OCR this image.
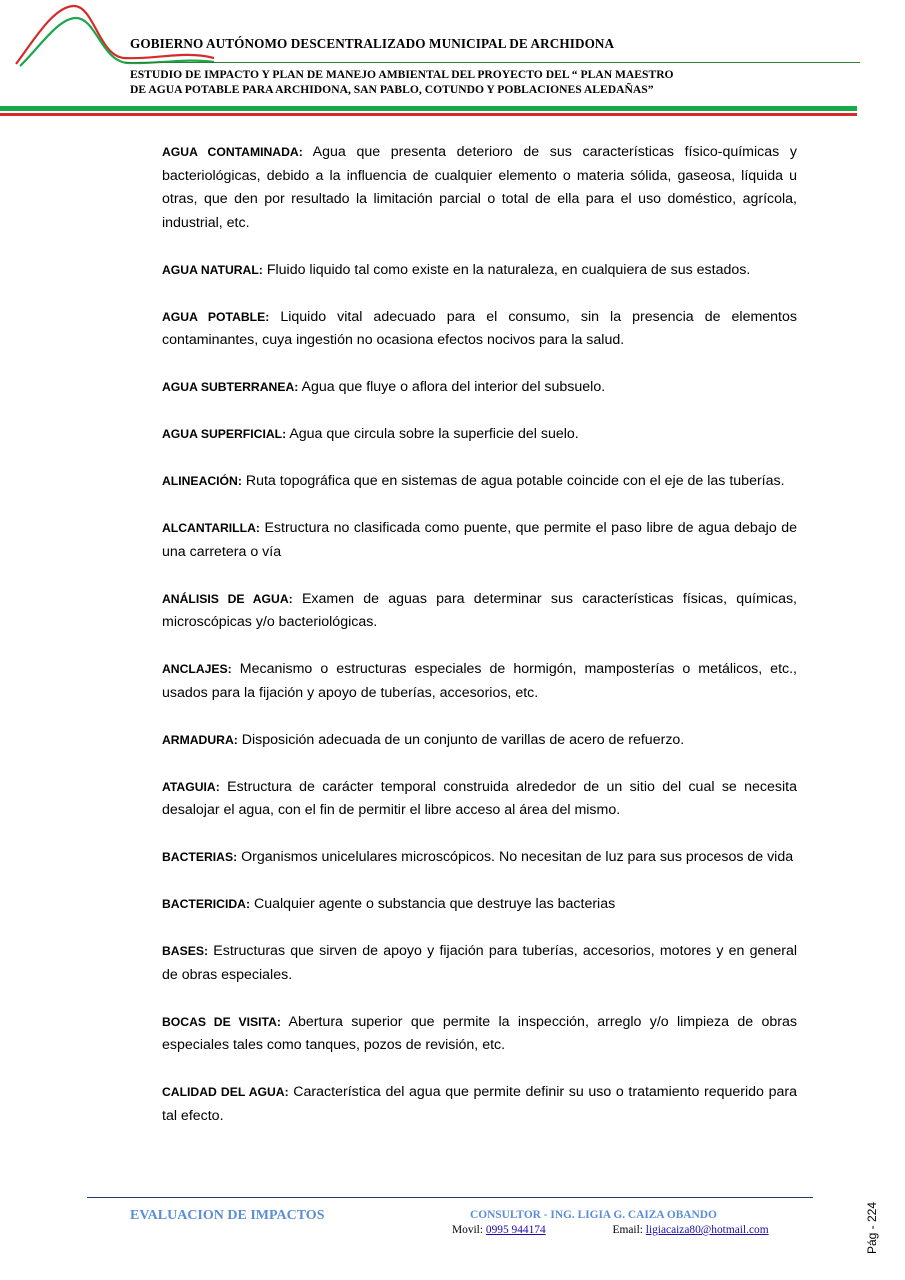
GOBIERNO AUTÓNOMO DESCENTRALIZADO MUNICIPAL DE ARCHIDONA
ESTUDIO DE IMPACTO Y PLAN DE MANEJO AMBIENTAL DEL PROYECTO DEL “ PLAN MAESTRO
DE AGUA POTABLE PARA ARCHIDONA, SAN PABLO, COTUNDO Y POBLACIONES ALEDAÑAS”

AGUA CONTAMINADA: Agua que presenta deterioro de sus características físico-químicas y bacteriológicas, debido a la influencia de cualquier elemento o materia sólida, gaseosa, líquida u otras, que den por resultado la limitación parcial o total de ella para el uso doméstico, agrícola, industrial, etc.

AGUA NATURAL: Fluido liquido tal como existe en la naturaleza, en cualquiera de sus estados.

AGUA POTABLE: Liquido vital adecuado para el consumo, sin la presencia de elementos contaminantes, cuya ingestión no ocasiona efectos nocivos para la salud.

AGUA SUBTERRANEA: Agua que fluye o aflora del interior del subsuelo.

AGUA SUPERFICIAL: Agua que circula sobre la superficie del suelo.

ALINEACIÓN: Ruta topográfica que en sistemas de agua potable coincide con el eje de las tuberías.

ALCANTARILLA: Estructura no clasificada como puente, que permite el paso libre de agua debajo de una carretera o vía

ANÁLISIS DE AGUA: Examen de aguas para determinar sus características físicas, químicas, microscópicas y/o bacteriológicas.

ANCLAJES: Mecanismo o estructuras especiales de hormigón, mamposterías o metálicos, etc., usados para la fijación y apoyo de tuberías, accesorios, etc.

ARMADURA: Disposición adecuada de un conjunto de varillas de acero de refuerzo.

ATAGUIA: Estructura de carácter temporal construida alrededor de un sitio del cual se necesita desalojar el agua, con el fin de permitir el libre acceso al área del mismo.

BACTERIAS: Organismos unicelulares microscópicos. No necesitan de luz para sus procesos de vida

BACTERICIDA: Cualquier agente o substancia que destruye las bacterias

BASES: Estructuras que sirven de apoyo y fijación para tuberías, accesorios, motores y en general de obras especiales.

BOCAS DE VISITA: Abertura superior que permite la inspección, arreglo y/o limpieza de obras especiales tales como tanques, pozos de revisión, etc.

CALIDAD DEL AGUA: Característica del agua que permite definir su uso o tratamiento requerido para tal efecto.

EVALUACION DE IMPACTOS	CONSULTOR - ING. LIGIA G. CAIZA OBANDO
Movil: 0995 944174	Email: ligiacaiza80@hotmail.com	Pág - 224
